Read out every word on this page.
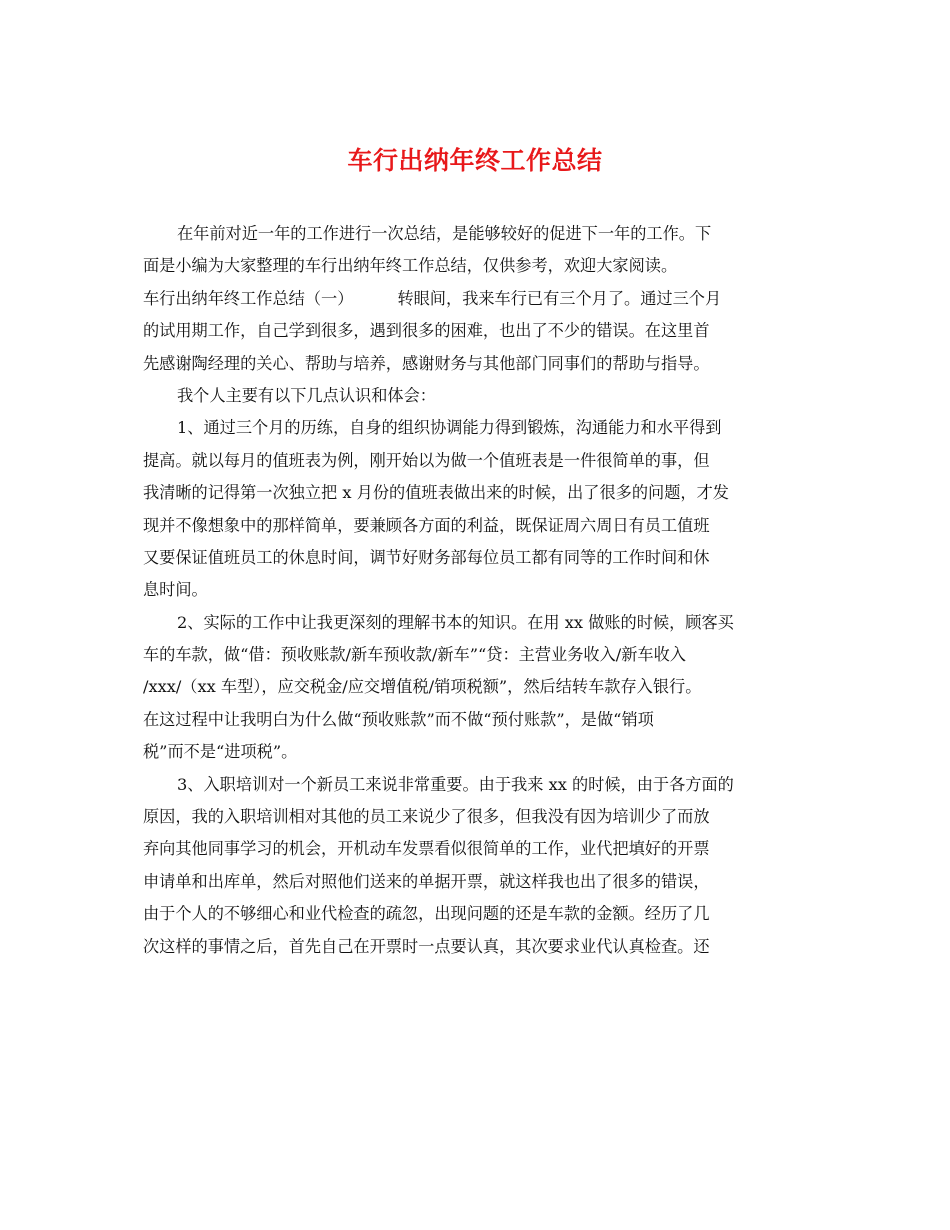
车行出纳年终工作总结
在年前对近一年的工作进行一次总结，是能够较好的促进下一年的工作。下
面是小编为大家整理的车行出纳年终工作总结，仅供参考，欢迎大家阅读。
车行出纳年终工作总结（一）	转眼间，我来车行已有三个月了。通过三个月
的试用期工作，自己学到很多，遇到很多的困难，也出了不少的错误。在这里首
先感谢陶经理的关心、帮助与培养，感谢财务与其他部门同事们的帮助与指导。
我个人主要有以下几点认识和体会：
1、通过三个月的历练，自身的组织协调能力得到锻炼，沟通能力和水平得到
提高。就以每月的值班表为例，刚开始以为做一个值班表是一件很简单的事，但
我清晰的记得第一次独立把 x 月份的值班表做出来的时候，出了很多的问题，才发
现并不像想象中的那样简单，要兼顾各方面的利益，既保证周六周日有员工值班
又要保证值班员工的休息时间，调节好财务部每位员工都有同等的工作时间和休
息时间。
2、实际的工作中让我更深刻的理解书本的知识。在用 xx 做账的时候，顾客买
车的车款，做“借：预收账款/新车预收款/新车”“贷：主营业务收入/新车收入
/xxx/（xx 车型），应交税金/应交增值税/销项税额”，然后结转车款存入银行。
在这过程中让我明白为什么做“预收账款”而不做“预付账款”，是做“销项
税”而不是“进项税”。
3、入职培训对一个新员工来说非常重要。由于我来 xx 的时候，由于各方面的
原因，我的入职培训相对其他的员工来说少了很多，但我没有因为培训少了而放
弃向其他同事学习的机会，开机动车发票看似很简单的工作，业代把填好的开票
申请单和出库单，然后对照他们送来的单据开票，就这样我也出了很多的错误，
由于个人的不够细心和业代检查的疏忽，出现问题的还是车款的金额。经历了几
次这样的事情之后，首先自己在开票时一点要认真，其次要求业代认真检查。还
